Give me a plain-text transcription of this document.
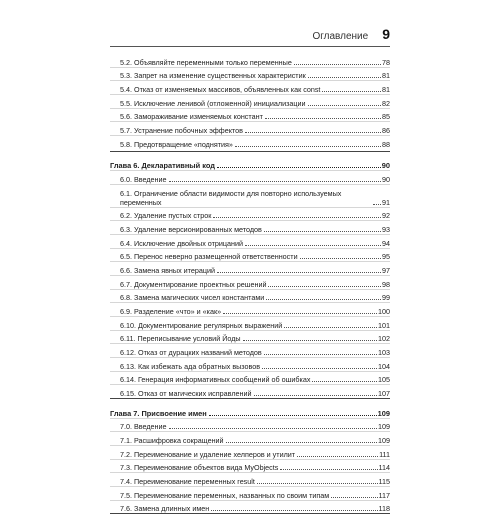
Оглавление 9
5.2. Объявляйте переменными только переменные	78
5.3. Запрет на изменение существенных характеристик	81
5.4. Отказ от изменяемых массивов, объявленных как const	81
5.5. Исключение ленивой (отложенной) инициализации	82
5.6. Замораживание изменяемых констант	85
5.7. Устранение побочных эффектов	86
5.8. Предотвращение «поднятия»	88
Глава 6. Декларативный код	90
6.0. Введение	90
6.1. Ограничение области видимости для повторно используемых переменных	91
6.2. Удаление пустых строк	92
6.3. Удаление версионированных методов	93
6.4. Исключение двойных отрицаний	94
6.5. Перенос неверно размещенной ответственности	95
6.6. Замена явных итераций	97
6.7. Документирование проектных решений	98
6.8. Замена магических чисел константами	99
6.9. Разделение «что» и «как»	100
6.10. Документирование регулярных выражений	101
6.11. Переписывание условий Йоды	102
6.12. Отказ от дурацких названий методов	103
6.13. Как избежать ада обратных вызовов	104
6.14. Генерация информативных сообщений об ошибках	105
6.15. Отказ от магических исправлений	107
Глава 7. Присвоение имен	109
7.0. Введение	109
7.1. Расшифровка сокращений	109
7.2. Переименование и удаление хелперов и утилит	111
7.3. Переименование объектов вида MyObjects	114
7.4. Переименование переменных result	115
7.5. Переименование переменных, названных по своим типам	117
7.6. Замена длинных имен	118
